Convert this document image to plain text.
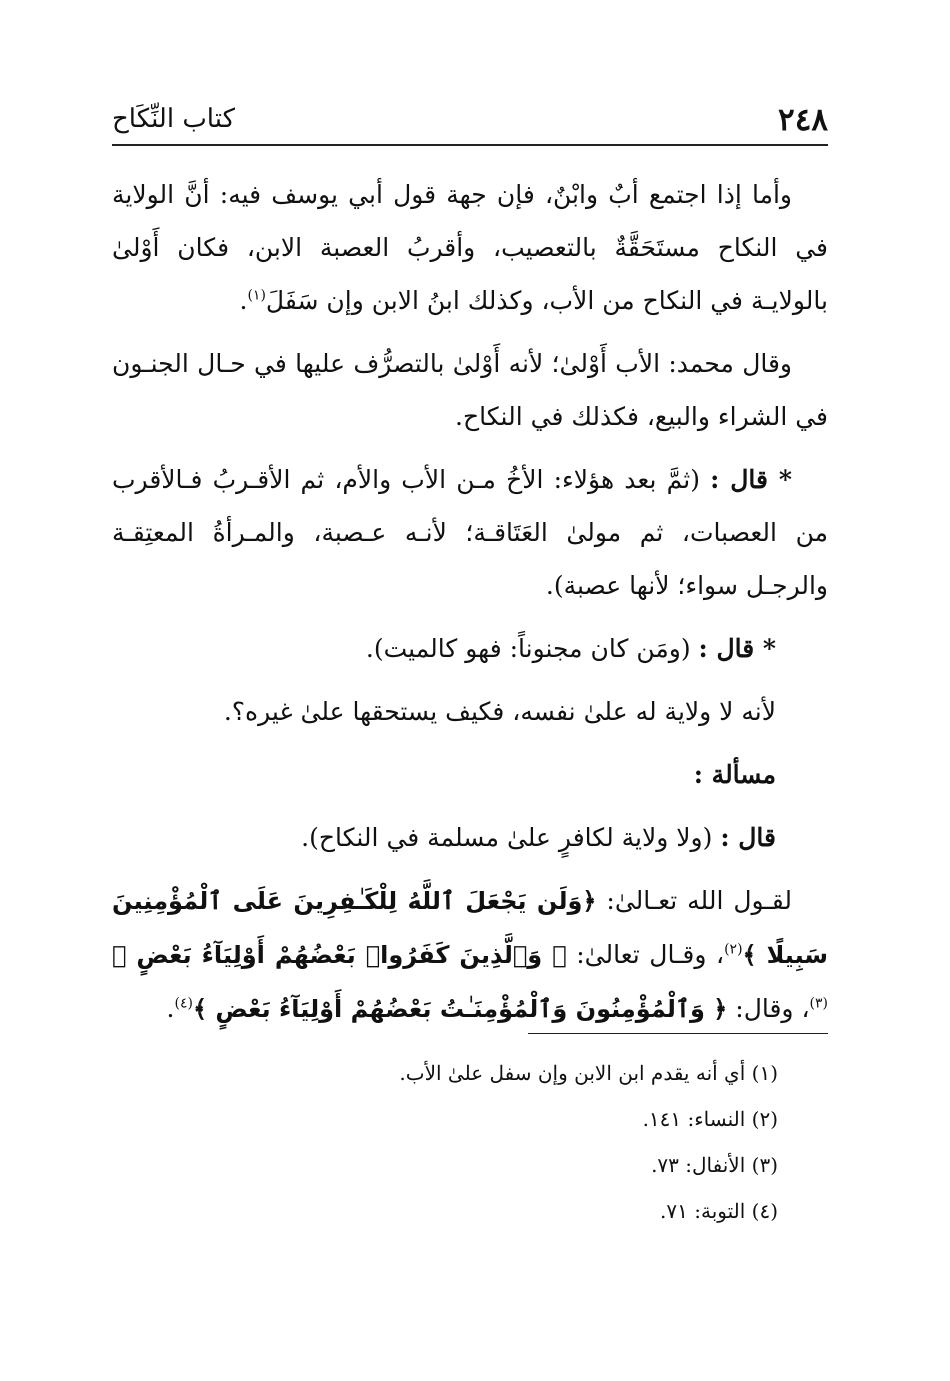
٢٤٨
كتاب النِّكَاح

وأما إذا اجتمع أبٌ وابْنٌ، فإن جهة قول أبي يوسف فيه: أنَّ الولاية في النكاح مستَحَقَّةٌ بالتعصيب، وأقربُ العصبة الابن، فكان أَوْلىٰ بالولايـة في النكاح من الأب، وكذلك ابنُ الابن وإن سَفَلَ$^{(١)}$.

وقال محمد: الأب أَوْلىٰ؛ لأنه أَوْلىٰ بالتصرُّف عليها في حـال الجنـون في الشراء والبيع، فكذلك في النكاح.

* قال : (ثمَّ بعد هؤلاء: الأخُ مـن الأب والأم، ثم الأقـربُ فـالأقرب من العصبات، ثم مولىٰ العَتَاقـة؛ لأنـه عـصبة، والمـرأةُ المعتِقـة والرجـل سواء؛ لأنها عصبة).

* قال : (ومَن كان مجنوناً: فهو كالميت).

لأنه لا ولاية له علىٰ نفسه، فكيف يستحقها علىٰ غيره؟.

مسألة :

قال : (ولا ولاية لكافرٍ علىٰ مسلمة في النكاح).

لقـول الله تعـالىٰ: ﴿وَلَن يَجْعَلَ ٱللَّهُ لِلْكَـٰفِرِينَ عَلَى ٱلْمُؤْمِنِينَ سَبِيلًا ﴾$^{(٢)}$، وقـال تعالىٰ: ﴿ وَٱلَّذِينَ كَفَرُوا۟ بَعْضُهُمْ أَوْلِيَآءُ بَعْضٍ ﴾$^{(٣)}$، وقال: ﴿ وَٱلْمُؤْمِنُونَ وَٱلْمُؤْمِنَـٰتُ بَعْضُهُمْ أَوْلِيَآءُ بَعْضٍ ﴾$^{(٤)}$.

(١) أي أنه يقدم ابن الابن وإن سفل علىٰ الأب.

(٢) النساء: ١٤١.

(٣) الأنفال: ٧٣.

(٤) التوبة: ٧١.
